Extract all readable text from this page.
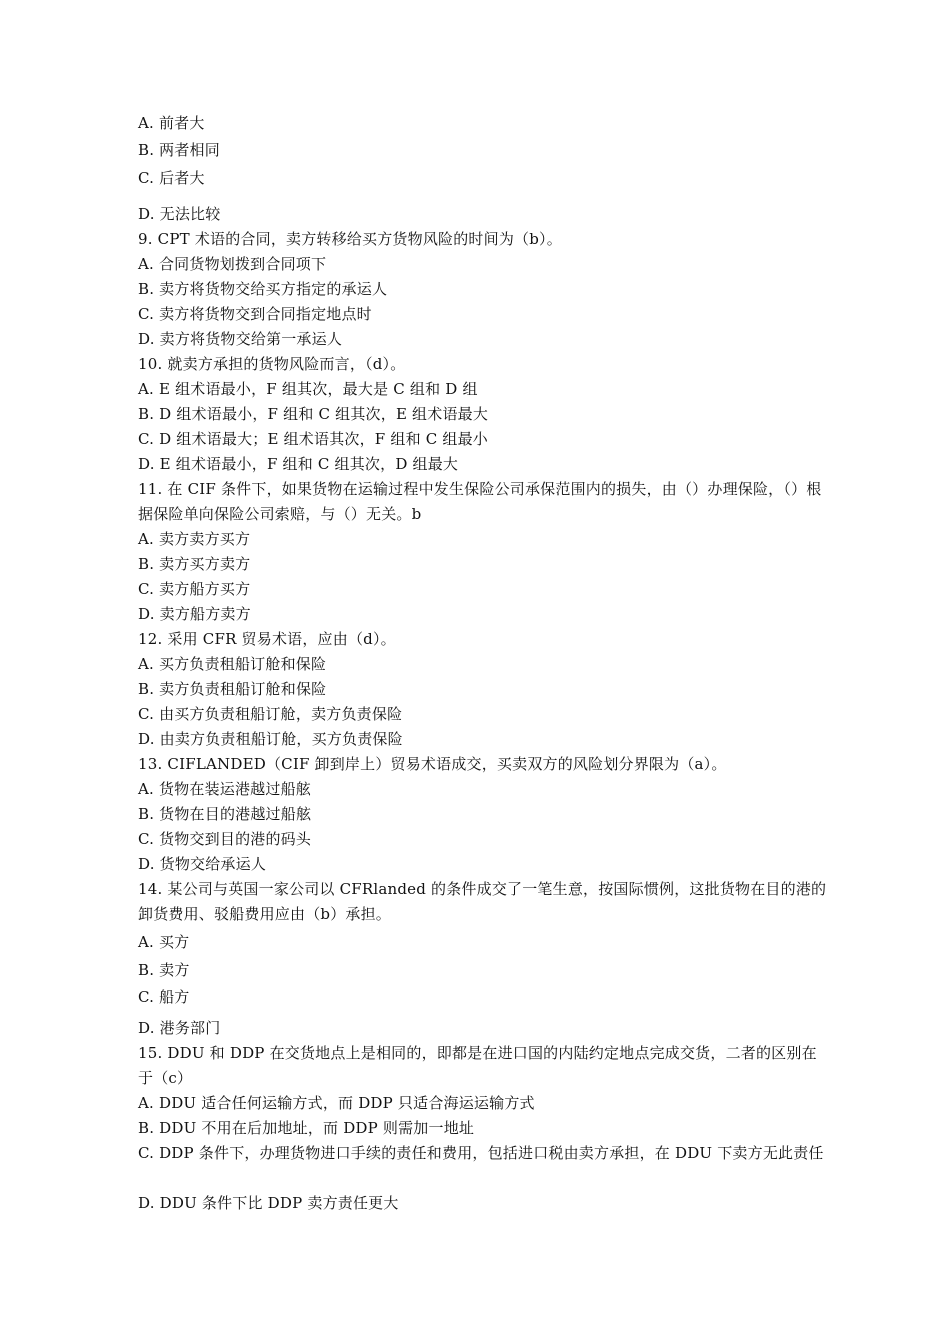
A. 前者大
B. 两者相同
C. 后者大
D. 无法比较
9. CPT 术语的合同，卖方转移给买方货物风险的时间为（b）。
A. 合同货物划拨到合同项下
B. 卖方将货物交给买方指定的承运人
C. 卖方将货物交到合同指定地点时
D. 卖方将货物交给第一承运人
10. 就卖方承担的货物风险而言，（d）。
A. E 组术语最小，F 组其次，最大是 C 组和 D 组
B. D 组术语最小，F 组和 C 组其次，E 组术语最大
C. D 组术语最大；E 组术语其次，F 组和 C 组最小
D. E 组术语最小，F 组和 C 组其次，D 组最大
11. 在 CIF 条件下，如果货物在运输过程中发生保险公司承保范围内的损失，由（）办理保险，（）根据保险单向保险公司索赔，与（）无关。b
A. 卖方卖方买方
B. 卖方买方卖方
C. 卖方船方买方
D. 卖方船方卖方
12. 采用 CFR 贸易术语，应由（d）。
A. 买方负责租船订舱和保险
B. 卖方负责租船订舱和保险
C. 由买方负责租船订舱，卖方负责保险
D. 由卖方负责租船订舱，买方负责保险
13. CIFLANDED（CIF 卸到岸上）贸易术语成交，买卖双方的风险划分界限为（a）。
A. 货物在装运港越过船舷
B. 货物在目的港越过船舷
C. 货物交到目的港的码头
D. 货物交给承运人
14. 某公司与英国一家公司以 CFRlanded 的条件成交了一笔生意，按国际惯例，这批货物在目的港的卸货费用、驳船费用应由（b）承担。
A. 买方
B. 卖方
C. 船方
D. 港务部门
15. DDU 和 DDP 在交货地点上是相同的，即都是在进口国的内陆约定地点完成交货，二者的区别在于（c）
A. DDU 适合任何运输方式，而 DDP 只适合海运运输方式
B. DDU 不用在后加地址，而 DDP 则需加一地址
C. DDP 条件下，办理货物进口手续的责任和费用，包括进口税由卖方承担，在 DDU 下卖方无此责任
D. DDU 条件下比 DDP 卖方责任更大
